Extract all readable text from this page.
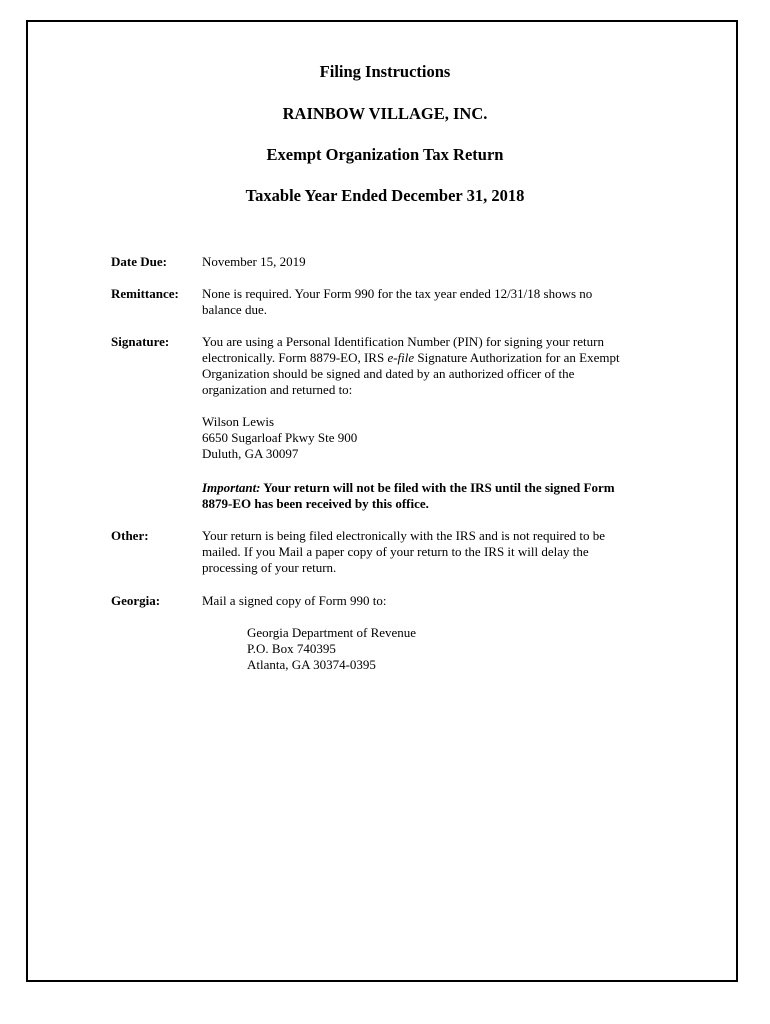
Filing Instructions
RAINBOW VILLAGE, INC.
Exempt Organization Tax Return
Taxable Year Ended December 31, 2018
Date Due:	November 15, 2019
Remittance: None is required. Your Form 990 for the tax year ended 12/31/18 shows no
balance due.
Signature:	You are using a Personal Identification Number (PIN) for signing your return
electronically. Form 8879-EO, IRS e-file Signature Authorization for an Exempt
Organization should be signed and dated by an authorized officer of the
organization and returned to:
Wilson Lewis
6650 Sugarloaf Pkwy Ste 900
Duluth, GA 30097
Important: Your return will not be filed with the IRS until the signed Form
8879-EO has been received by this office.
Other:	Your return is being filed electronically with the IRS and is not required to be
mailed. If you Mail a paper copy of your return to the IRS it will delay the
processing of your return.
Georgia:	Mail a signed copy of Form 990 to:
Georgia Department of Revenue
P.O. Box 740395
Atlanta, GA 30374-0395
